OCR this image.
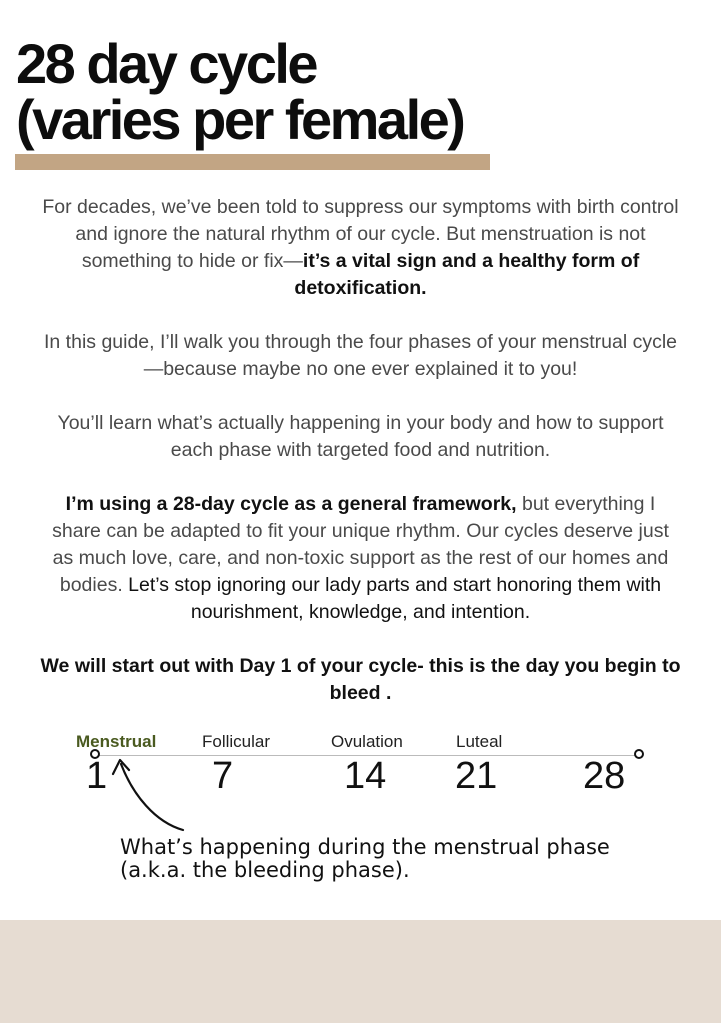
28 day cycle
(varies per female)

For decades, we’ve been told to suppress our symptoms with birth control and ignore the natural rhythm of our cycle. But menstruation is not something to hide or fix—it’s a vital sign and a healthy form of detoxification.

In this guide, I’ll walk you through the four phases of your menstrual cycle—because maybe no one ever explained it to you!

You’ll learn what’s actually happening in your body and how to support each phase with targeted food and nutrition.

I’m using a 28-day cycle as a general framework, but everything I share can be adapted to fit your unique rhythm. Our cycles deserve just as much love, care, and non-toxic support as the rest of our homes and bodies. Let’s stop ignoring our lady parts and start honoring them with nourishment, knowledge, and intention.

We will start out with Day 1 of your cycle- this is the day you begin to bleed .

Menstrual	Follicular	Ovulation	Luteal
1	7	14 21 28

What’s happening during the menstrual phase
(a.k.a. the bleeding phase).
